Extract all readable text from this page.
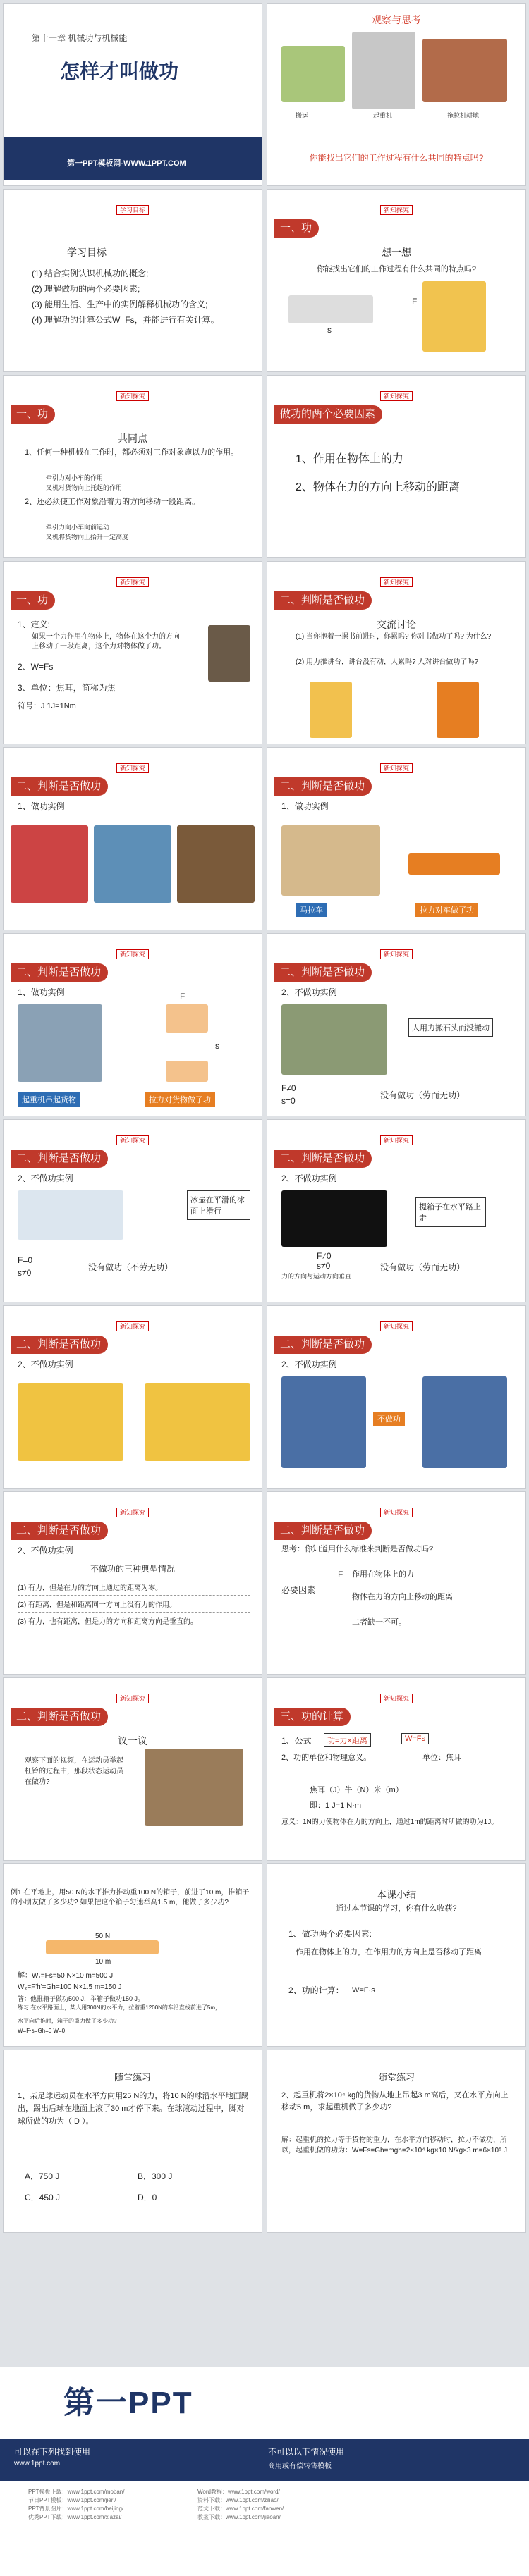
第十一章 机械功与机械能
怎样才叫做功
第一PPT模板网-WWW.1PPT.COM
观察与思考
搬运	起重机	拖拉机耕地
你能找出它们的工作过程有什么共同的特点吗?
学习目标
学习目标
(1) 结合实例认识机械功的概念;
(2) 理解做功的两个必要因素;
(3) 能用生活、生产中的实例解释机械功的含义;
(4) 理解功的计算公式W=Fs，并能进行有关计算。
新知探究
一、功
想一想
你能找出它们的工作过程有什么共同的特点吗?
s
F
新知探究
一、功
共同点
1、任何一种机械在工作时，都必须对工作对象施以力的作用。
牵引力对小车的作用
叉机对货物向上托起的作用
2、还必须使工作对象沿着力的方向移动一段距离。
牵引力向小车向前运动
叉机将货物向上抬升一定高度
新知探究
做功的两个必要因素
1、作用在物体上的力
2、物体在力的方向上移动的距离
新知探究
一、功
1、定义:
如果一个力作用在物体上，物体在这个力的方向上移动了一段距离，这个力对物体做了功。
2、W=Fs
3、单位：焦耳，简称为焦
符号：J 1J=1Nm
新知探究
二、判断是否做功
交流讨论
(1) 当你抱着一摞书前进时，你累吗? 你对书做功了吗? 为什么?
(2) 用力推讲台，讲台没有动，人累吗? 人对讲台做功了吗?
新知探究
二、判断是否做功
1、做功实例
新知探究
二、判断是否做功
1、做功实例
马拉车	拉力对车做了功
新知探究
二、判断是否做功
1、做功实例	F
s
起重机吊起货物	拉力对货物做了功
新知探究
二、判断是否做功
2、不做功实例
人用力搬石头而没搬动
F≠0
s=0
没有做功（劳而无功）
新知探究
二、判断是否做功
2、不做功实例
冰壶在平滑的冰面上滑行
F=0
s≠0
没有做功（不劳无功）
新知探究
二、判断是否做功
2、不做功实例
提箱子在水平路上走
F≠0
s≠0
力的方向与运动方向垂直
没有做功（劳而无功）
新知探究
二、判断是否做功
2、不做功实例
新知探究
二、判断是否做功
2、不做功实例
不做功
新知探究
二、判断是否做功
2、不做功实例
不做功的三种典型情况
(1) 有力，但是在力的方向上通过的距离为零。
(2) 有距离，但是和距离同一方向上没有力的作用。
(3) 有力，也有距离，但是力的方向和距离方向是垂直的。
新知探究
二、判断是否做功
思考：你知道用什么标准来判断是否做功吗?
必要因素
F 作用在物体上的力
物体在力的方向上移动的距离
二者缺一不可。
新知探究
二、判断是否做功
议一议
观察下面的视频，在运动员举起杠铃的过程中，那段状态运动员在做功?
新知探究
三、功的计算
1、公式	功=力×距离	W=Fs
2、功的单位和物理意义。	单位：焦耳
焦耳（J）牛（N）米（m）
即：1 J=1 N·m
意义：1N的力使物体在力的方向上，通过1m的距离时所做的功为1J。
例1 在平地上，用50 N的水平推力推动重100 N的箱子，前进了10 m，推箱子的小朋友做了多少功? 如果把这个箱子匀速举高1.5 m，他做了多少功?
50 N
10 m
解：W₁=Fs=50 N×10 m=500 J
W₂=F'h'=Gh=100 N×1.5 m=150 J
答：他推箱子做功500 J，举箱子做功150 J。
练习 在水平路面上，某人用300N的水平力，拉着重1200N的车沿直线前进了5m，……
水平向后推时，箱子的重力做了多少功?
W=F·s=Gh=0 W=0
本课小结
通过本节课的学习，你有什么收获?
1、做功两个必要因素:
作用在物体上的力，在作用力的方向上是否移动了距离
2、功的计算： W=F·s
随堂练习
1、某足球运动员在水平方向用25 N的力，将10 N的球沿水平地面踢出，踢出后球在地面上滚了30 m才停下来。在球滚动过程中，脚对球所做的功为（ D ）。
A．750 J	B．300 J
C．450 J	D．0
随堂练习
2、起重机将2×10⁴ kg的货物从地上吊起3 m高后，又在水平方向上移动5 m，求起重机做了多少功?
解：起重机的拉力等于货物的重力，在水平方向移动时，拉力不做功，所以，起重机做的功为：W=Fs=Gh=mgh=2×10⁴ kg×10 N/kg×3 m=6×10⁵ J
第一PPT
可以在下列找到使用
www.1ppt.com
不可以以下情况使用
商用或有偿转售模板
PPT模板下载：www.1ppt.com/moban/
节日PPT模板：www.1ppt.com/jieri/
PPT背景图片：www.1ppt.com/beijing/
优秀PPT下载：www.1ppt.com/xiazai/
Word教程：www.1ppt.com/word/
资料下载：www.1ppt.com/ziliao/
范文下载：www.1ppt.com/fanwen/
教案下载：www.1ppt.com/jiaoan/
